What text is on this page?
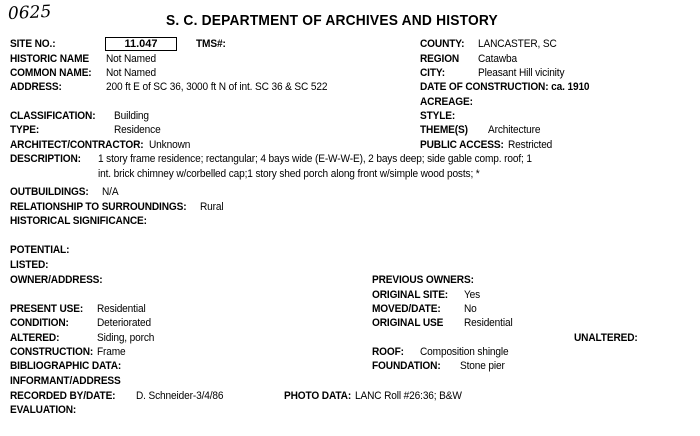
0625	S. C. DEPARTMENT OF ARCHIVES AND HISTORY
SITE NO.:	11.047	TMS#:	COUNTY: LANCASTER, SC
HISTORIC NAME Not Named	REGION Catawba
COMMON NAME: Not Named	CITY:	Pleasant Hill vicinity
ADDRESS:	200 ft E of SC 36, 3000 ft N of int. SC 36 & SC 522	DATE OF CONSTRUCTION: ca. 1910
ACREAGE:
CLASSIFICATION: Building	STYLE:
TYPE:	Residence	THEME(S) Architecture
ARCHITECT/CONTRACTOR: Unknown	PUBLIC ACCESS: Restricted
DESCRIPTION: 1 story frame residence; rectangular; 4 bays wide (E-W-W-E), 2 bays deep; side gable comp. roof; 1
int. brick chimney w/corbelled cap;1 story shed porch along front w/simple wood posts; *
OUTBUILDINGS: N/A
RELATIONSHIP TO SURROUNDINGS: Rural
HISTORICAL SIGNIFICANCE:
POTENTIAL:
LISTED:
OWNER/ADDRESS:	PREVIOUS OWNERS:
ORIGINAL SITE: Yes
PRESENT USE: Residential	MOVED/DATE: No
CONDITION:	Deteriorated	ORIGINAL USE Residential
ALTERED:	Siding, porch	UNALTERED:
CONSTRUCTION: Frame	ROOF: Composition shingle
BIBLIOGRAPHIC DATA:	FOUNDATION: Stone pier
INFORMANT/ADDRESS
RECORDED BY/DATE: D. Schneider-3/4/86	PHOTO DATA: LANC Roll #26:36; B&W
EVALUATION:
